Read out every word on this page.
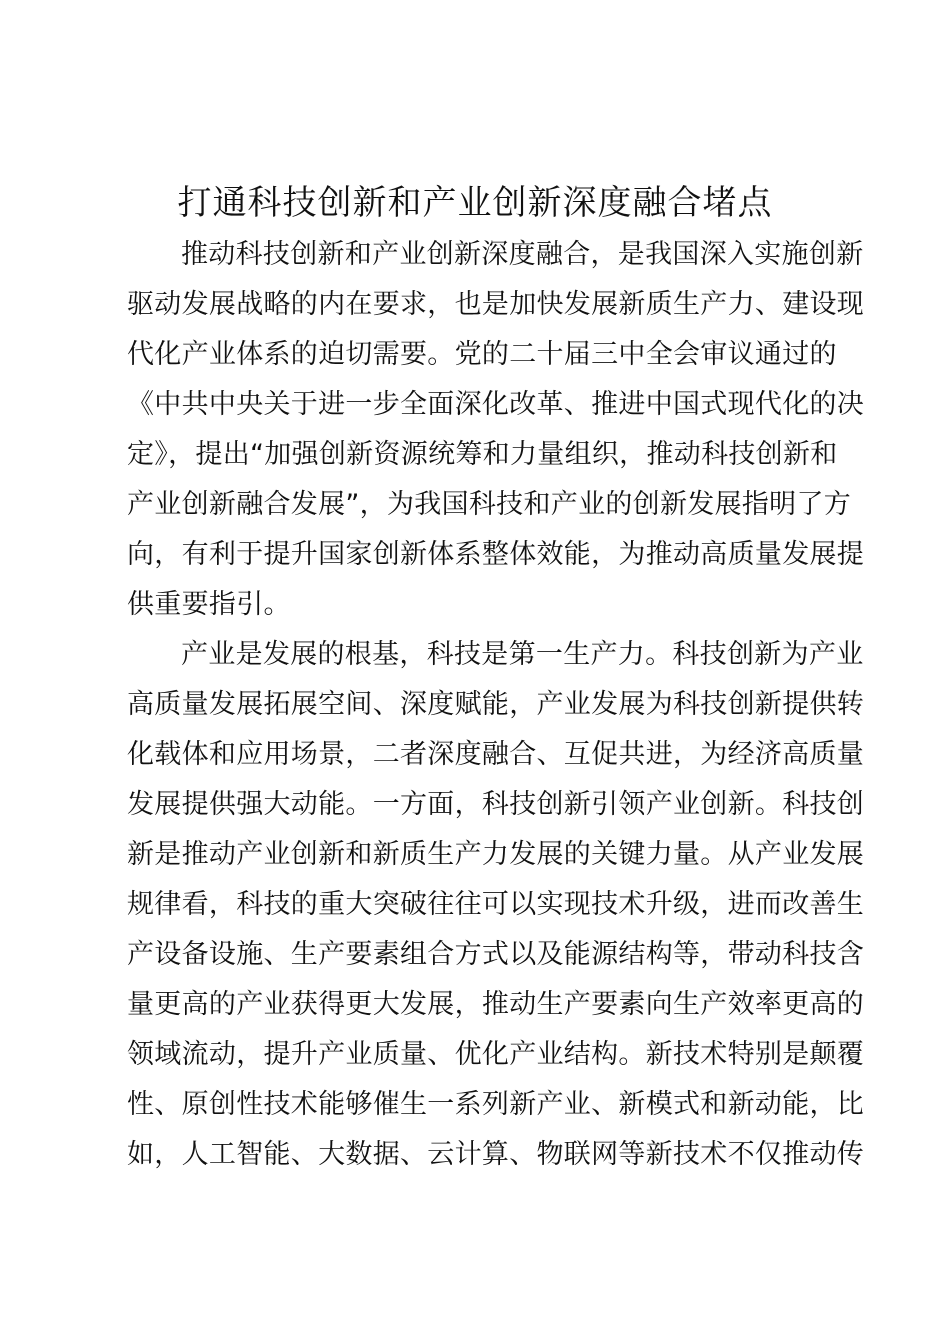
打通科技创新和产业创新深度融合堵点
推动科技创新和产业创新深度融合，是我国深入实施创新
驱动发展战略的内在要求，也是加快发展新质生产力、建设现
代化产业体系的迫切需要。党的二十届三中全会审议通过的
《中共中央关于进一步全面深化改革、推进中国式现代化的决
定》，提出“加强创新资源统筹和力量组织，推动科技创新和
产业创新融合发展”，为我国科技和产业的创新发展指明了方
向，有利于提升国家创新体系整体效能，为推动高质量发展提
供重要指引。
产业是发展的根基，科技是第一生产力。科技创新为产业
高质量发展拓展空间、深度赋能，产业发展为科技创新提供转
化载体和应用场景，二者深度融合、互促共进，为经济高质量
发展提供强大动能。一方面，科技创新引领产业创新。科技创
新是推动产业创新和新质生产力发展的关键力量。从产业发展
规律看，科技的重大突破往往可以实现技术升级，进而改善生
产设备设施、生产要素组合方式以及能源结构等，带动科技含
量更高的产业获得更大发展，推动生产要素向生产效率更高的
领域流动，提升产业质量、优化产业结构。新技术特别是颠覆
性、原创性技术能够催生一系列新产业、新模式和新动能，比
如，人工智能、大数据、云计算、物联网等新技术不仅推动传
